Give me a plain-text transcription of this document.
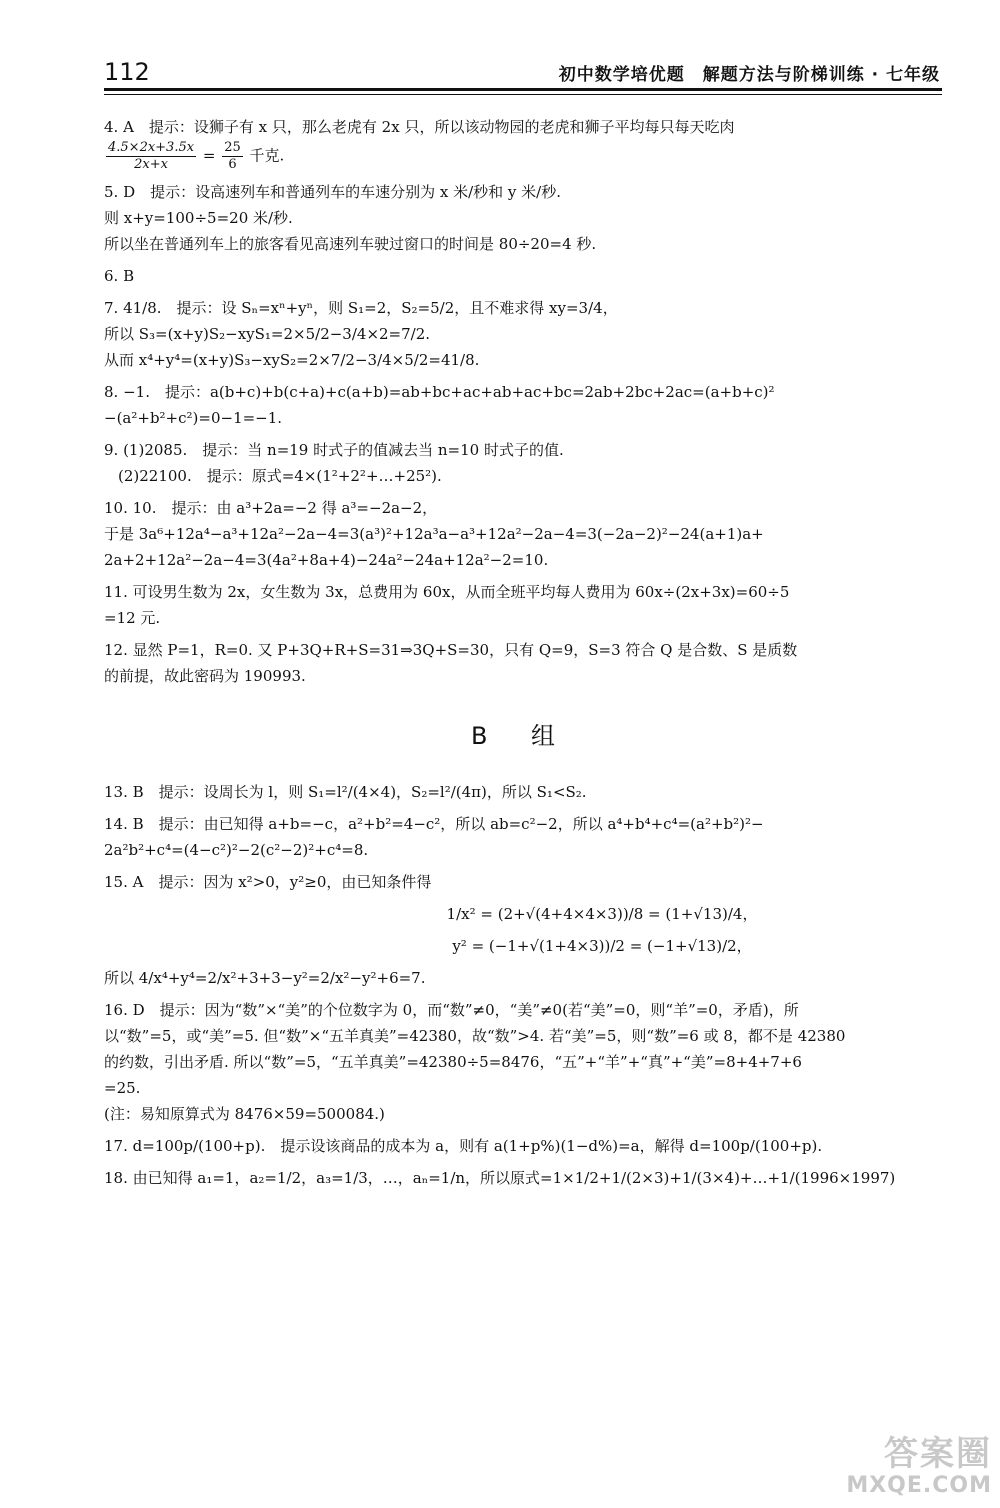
112	初中数学培优题　解题方法与阶梯训练 · 七年级
4. A　提示：设狮子有 x 只，那么老虎有 2x 只，所以该动物园的老虎和狮子平均每只每天吃肉
$\frac{4.5\times 2x+3.5x}{2x+x} = \frac{25}{6}$ 千克.
5. D　提示：设高速列车和普通列车的车速分别为 x 米/秒和 y 米/秒.
则 x+y=100÷5=20 米/秒.
所以坐在普通列车上的旅客看见高速列车驶过窗口的时间是 80÷20=4 秒.
6. B
7. 41/8.　提示：设 Sₙ=xⁿ+yⁿ，则 S₁=2，S₂=5/2，且不难求得 xy=3/4，
所以 S₃=(x+y)S₂−xyS₁=2×5/2−3/4×2=7/2.
从而 x⁴+y⁴=(x+y)S₃−xyS₂=2×7/2−3/4×5/2=41/8.
8. −1.　提示：a(b+c)+b(c+a)+c(a+b)=ab+bc+ac+ab+ac+bc=2ab+2bc+2ac=(a+b+c)²
−(a²+b²+c²)=0−1=−1.
9. (1)2085.　提示：当 n=19 时式子的值减去当 n=10 时式子的值.
(2)22100.　提示：原式=4×(1²+2²+…+25²).
10. 10.　提示：由 a³+2a=−2 得 a³=−2a−2，
于是 3a⁶+12a⁴−a³+12a²−2a−4=3(a³)²+12a³a−a³+12a²−2a−4=3(−2a−2)²−24(a+1)a+
2a+2+12a²−2a−4=3(4a²+8a+4)−24a²−24a+12a²−2=10.
11. 可设男生数为 2x，女生数为 3x，总费用为 60x，从而全班平均每人费用为 60x÷(2x+3x)=60÷5
=12 元.
12. 显然 P=1，R=0. 又 P+3Q+R+S=31⇒3Q+S=30，只有 Q=9，S=3 符合 Q 是合数、S 是质数
的前提，故此密码为 190993.
B 组
13. B　提示：设周长为 l，则 S₁=l²/(4×4)，S₂=l²/(4π)，所以 S₁<S₂.
14. B　提示：由已知得 a+b=−c，a²+b²=4−c²，所以 ab=c²−2，所以 a⁴+b⁴+c⁴=(a²+b²)²−
2a²b²+c⁴=(4−c²)²−2(c²−2)²+c⁴=8.
15. A　提示：因为 x²>0，y²≥0，由已知条件得
1/x² = (2+√(4+4×4×3))/8 = (1+√13)/4，
y² = (−1+√(1+4×3))/2 = (−1+√13)/2，
所以 4/x⁴+y⁴=2/x²+3+3−y²=2/x²−y²+6=7.
16. D　提示：因为“数”×“美”的个位数字为 0，而“数”≠0，“美”≠0(若“美”=0，则“羊”=0，矛盾)，所
以“数”=5，或“美”=5. 但“数”×“五羊真美”=42380，故“数”>4. 若“美”=5，则“数”=6 或 8，都不是 42380
的约数，引出矛盾. 所以“数”=5，“五羊真美”=42380÷5=8476，“五”+“羊”+“真”+“美”=8+4+7+6
=25.
(注：易知原算式为 8476×59=500084.)
17. d=100p/(100+p).　提示设该商品的成本为 a，则有 a(1+p%)(1−d%)=a，解得 d=100p/(100+p).
18. 由已知得 a₁=1，a₂=1/2，a₃=1/3，…，aₙ=1/n，所以原式=1×1/2+1/(2×3)+1/(3×4)+…+1/(1996×1997)
答案圈
MXQE.COM
